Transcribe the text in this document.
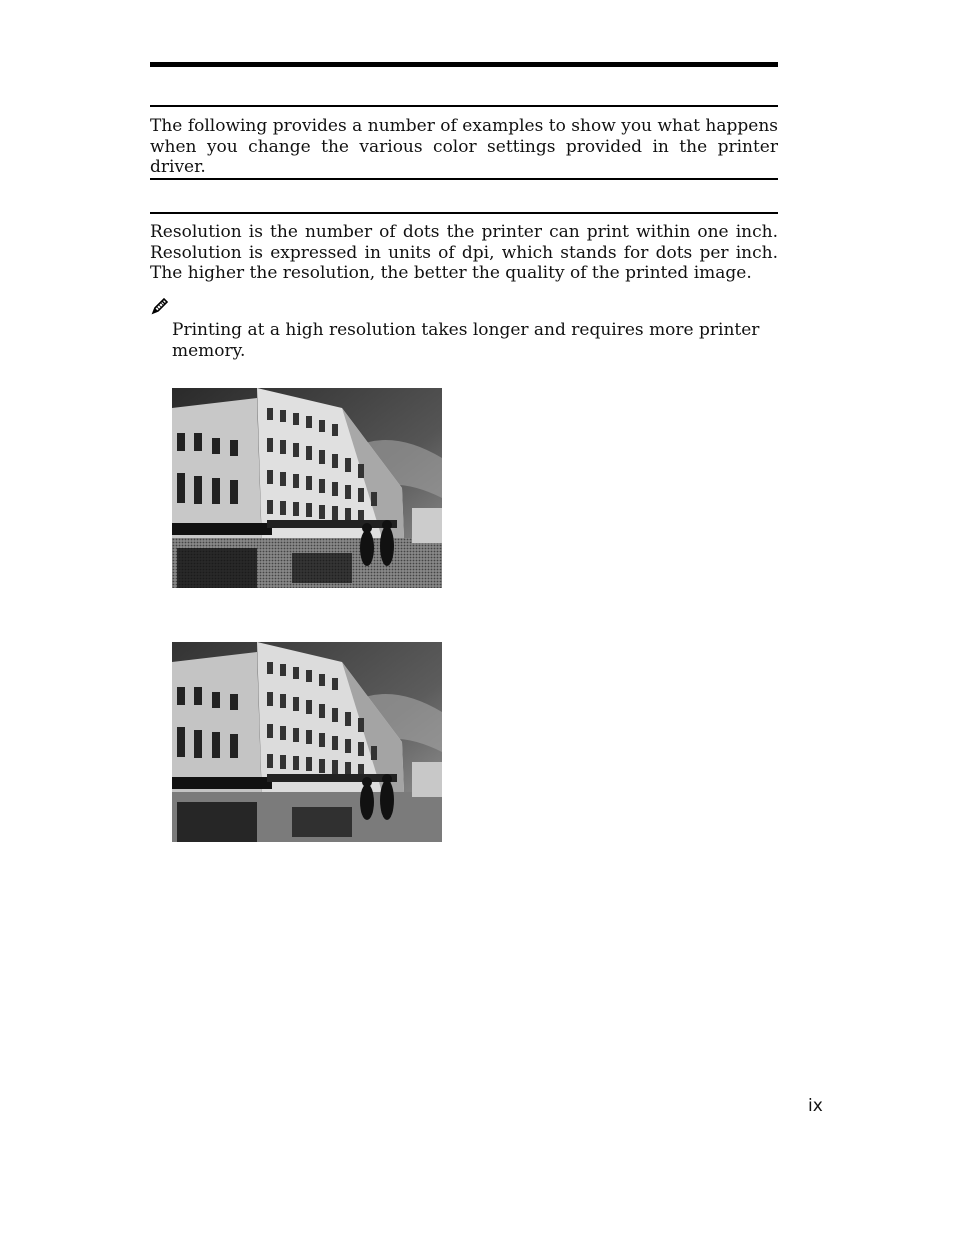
The following provides a number of examples to show you what happens when you change the various color settings provided in the printer driver.

Resolution is the number of dots the printer can print within one inch. Resolution is expressed in units of dpi, which stands for dots per inch. The higher the resolution, the better the quality of the printed image.

Printing at a high resolution takes longer and requires more printer memory.

ix
